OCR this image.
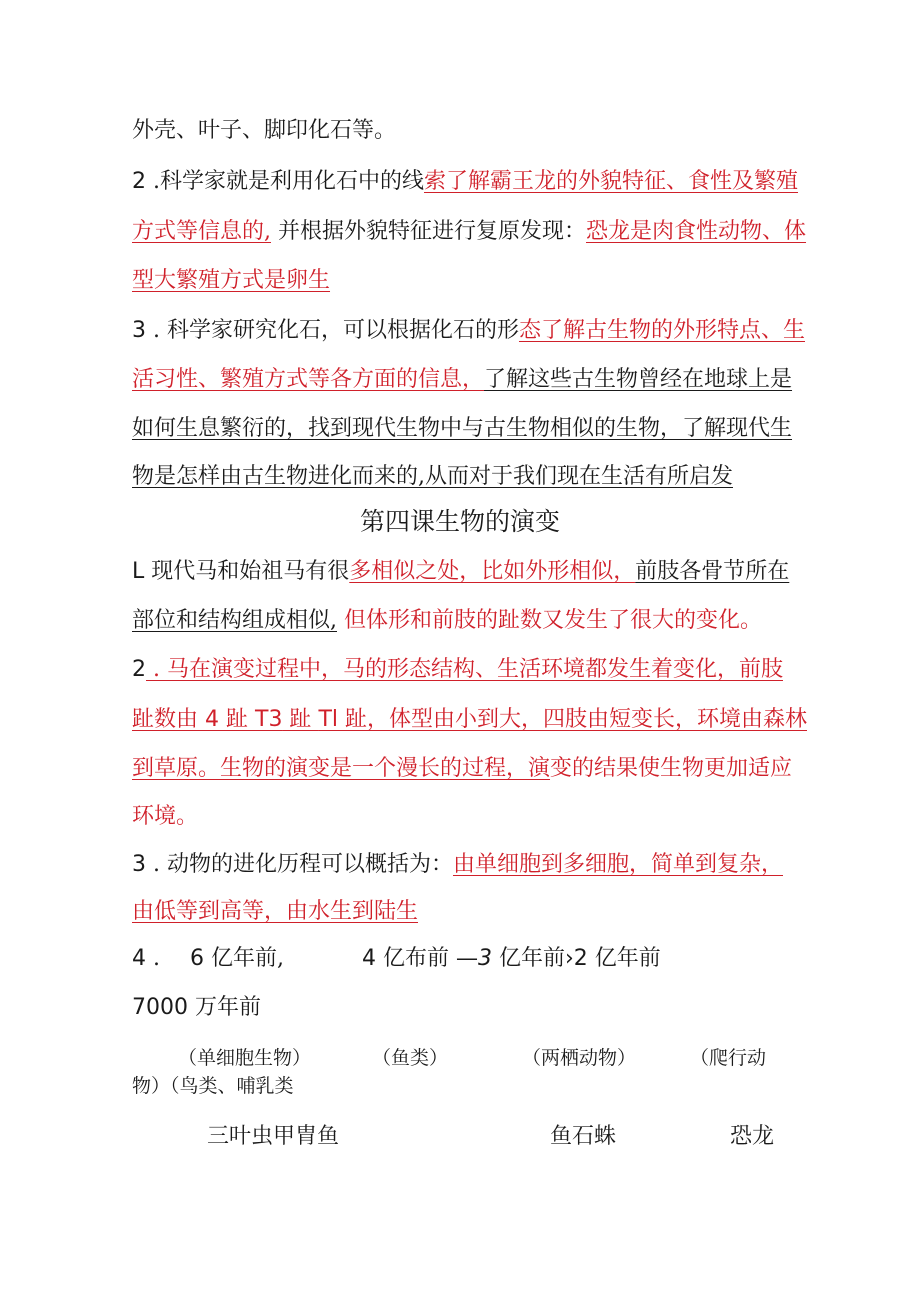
外壳、叶子、脚印化石等。
2 .科学家就是利用化石中的线索了解霸王龙的外貌特征、食性及繁殖
方式等信息的, 并根据外貌特征进行复原发现：恐龙是肉食性动物、体
型大繁殖方式是卵生
3 . 科学家研究化石，可以根据化石的形态了解古生物的外形特点、生
活习性、繁殖方式等各方面的信息，了解这些古生物曾经在地球上是
如何生息繁衍的，找到现代生物中与古生物相似的生物，了解现代生
物是怎样由古生物进化而来的,从而对于我们现在生活有所启发
第四课生物的演变
L 现代马和始祖马有很多相似之处，比如外形相似，前肢各骨节所在
部位和结构组成相似, 但体形和前肢的趾数又发生了很大的变化。
2 . 马在演变过程中，马的形态结构、生活环境都发生着变化，前肢
趾数由 4 趾 T3 趾 Tl 趾，体型由小到大，四肢由短变长，环境由森林
到草原。生物的演变是一个漫长的过程，演变的结果使生物更加适应
环境。
3 . 动物的进化历程可以概括为：由单细胞到多细胞，简单到复杂，
由低等到高等，由水生到陆生
4 . 6 亿年前,	4 亿布前 —3 亿年前›2 亿年前
7000 万年前
（单细胞生物）	（鱼类）	（两栖动物）	（爬行动
物）（鸟类、哺乳类
三叶虫甲胄鱼	鱼石蛛	恐龙
